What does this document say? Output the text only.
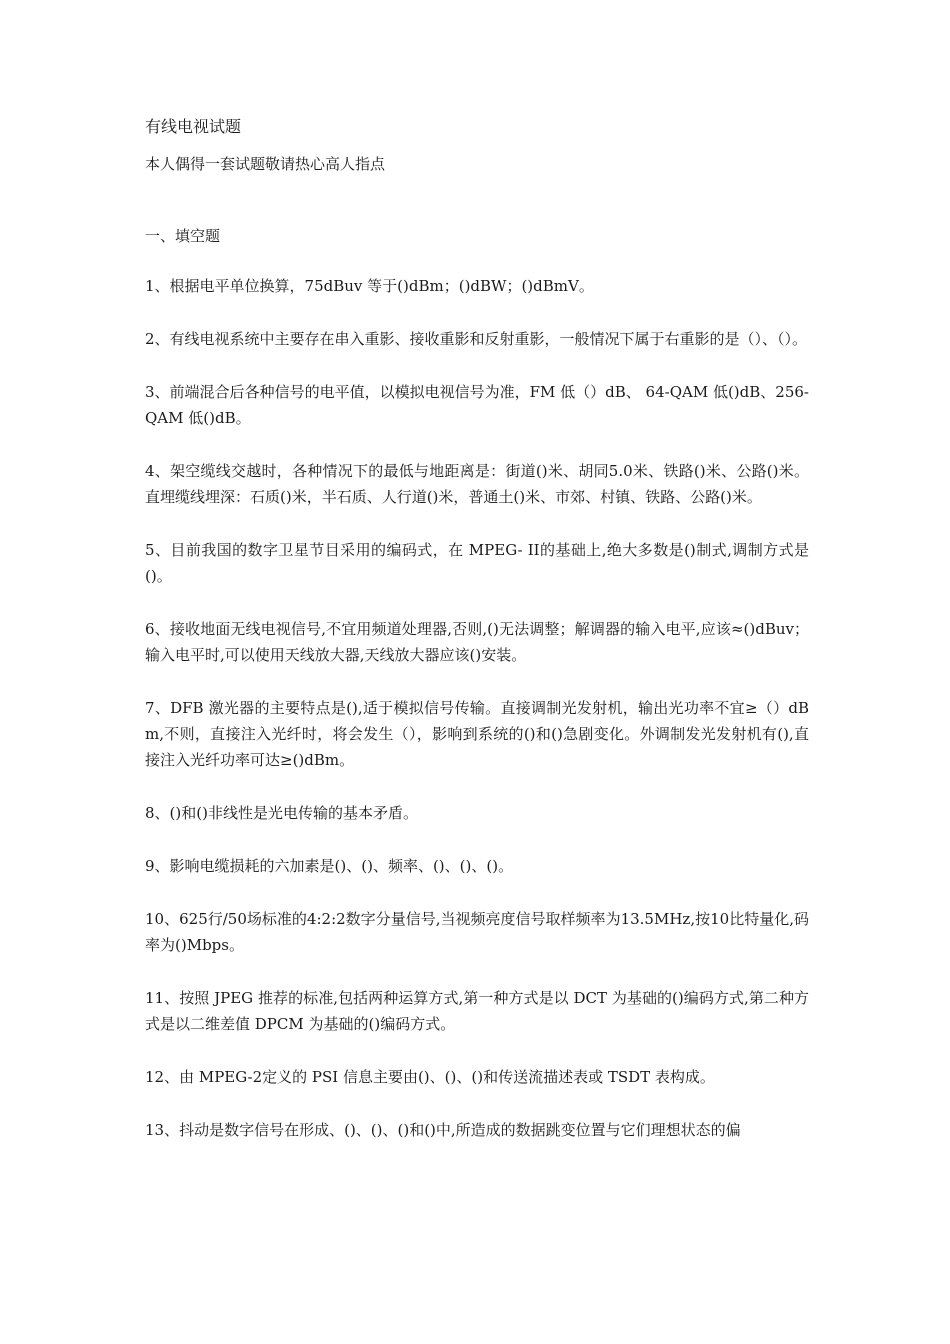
有线电视试题
本人偶得一套试题敬请热心高人指点
一、填空题
1、根据电平单位换算，75dBuv 等于()dBm；()dBW；()dBmV。
2、有线电视系统中主要存在串入重影、接收重影和反射重影，一般情况下属于右重影的是（）、（）。
3、前端混合后各种信号的电平值，以模拟电视信号为准，FM 低（）dB、 64-QAM 低()dB、256-QAM 低()dB。
4、架空缆线交越时，各种情况下的最低与地距离是：街道()米、胡同5.0米、铁路()米、公路()米。直埋缆线埋深：石质()米，半石质、人行道()米，普通土()米、市郊、村镇、铁路、公路()米。
5、目前我国的数字卫星节目采用的编码式，在 MPEG- II的基础上,绝大多数是()制式,调制方式是()。
6、接收地面无线电视信号,不宜用频道处理器,否则,()无法调整；解调器的输入电平,应该≈()dBuv；输入电平时,可以使用天线放大器,天线放大器应该()安装。
7、DFB 激光器的主要特点是(),适于模拟信号传输。直接调制光发射机，输出光功率不宜≥（）dBm,不则，直接注入光纤时，将会发生（），影响到系统的()和()急剧变化。外调制发光发射机有(),直接注入光纤功率可达≥()dBm。
8、()和()非线性是光电传输的基本矛盾。
9、影响电缆损耗的六加素是()、()、频率、()、()、()。
10、625行/50场标准的4:2:2数字分量信号,当视频亮度信号取样频率为13.5MHz,按10比特量化,码率为()Mbps。
11、按照 JPEG 推荐的标准,包括两种运算方式,第一种方式是以 DCT 为基础的()编码方式,第二种方式是以二维差值 DPCM 为基础的()编码方式。
12、由 MPEG-2定义的 PSI 信息主要由()、()、()和传送流描述表或 TSDT 表构成。
13、抖动是数字信号在形成、()、()、()和()中,所造成的数据跳变位置与它们理想状态的偏
